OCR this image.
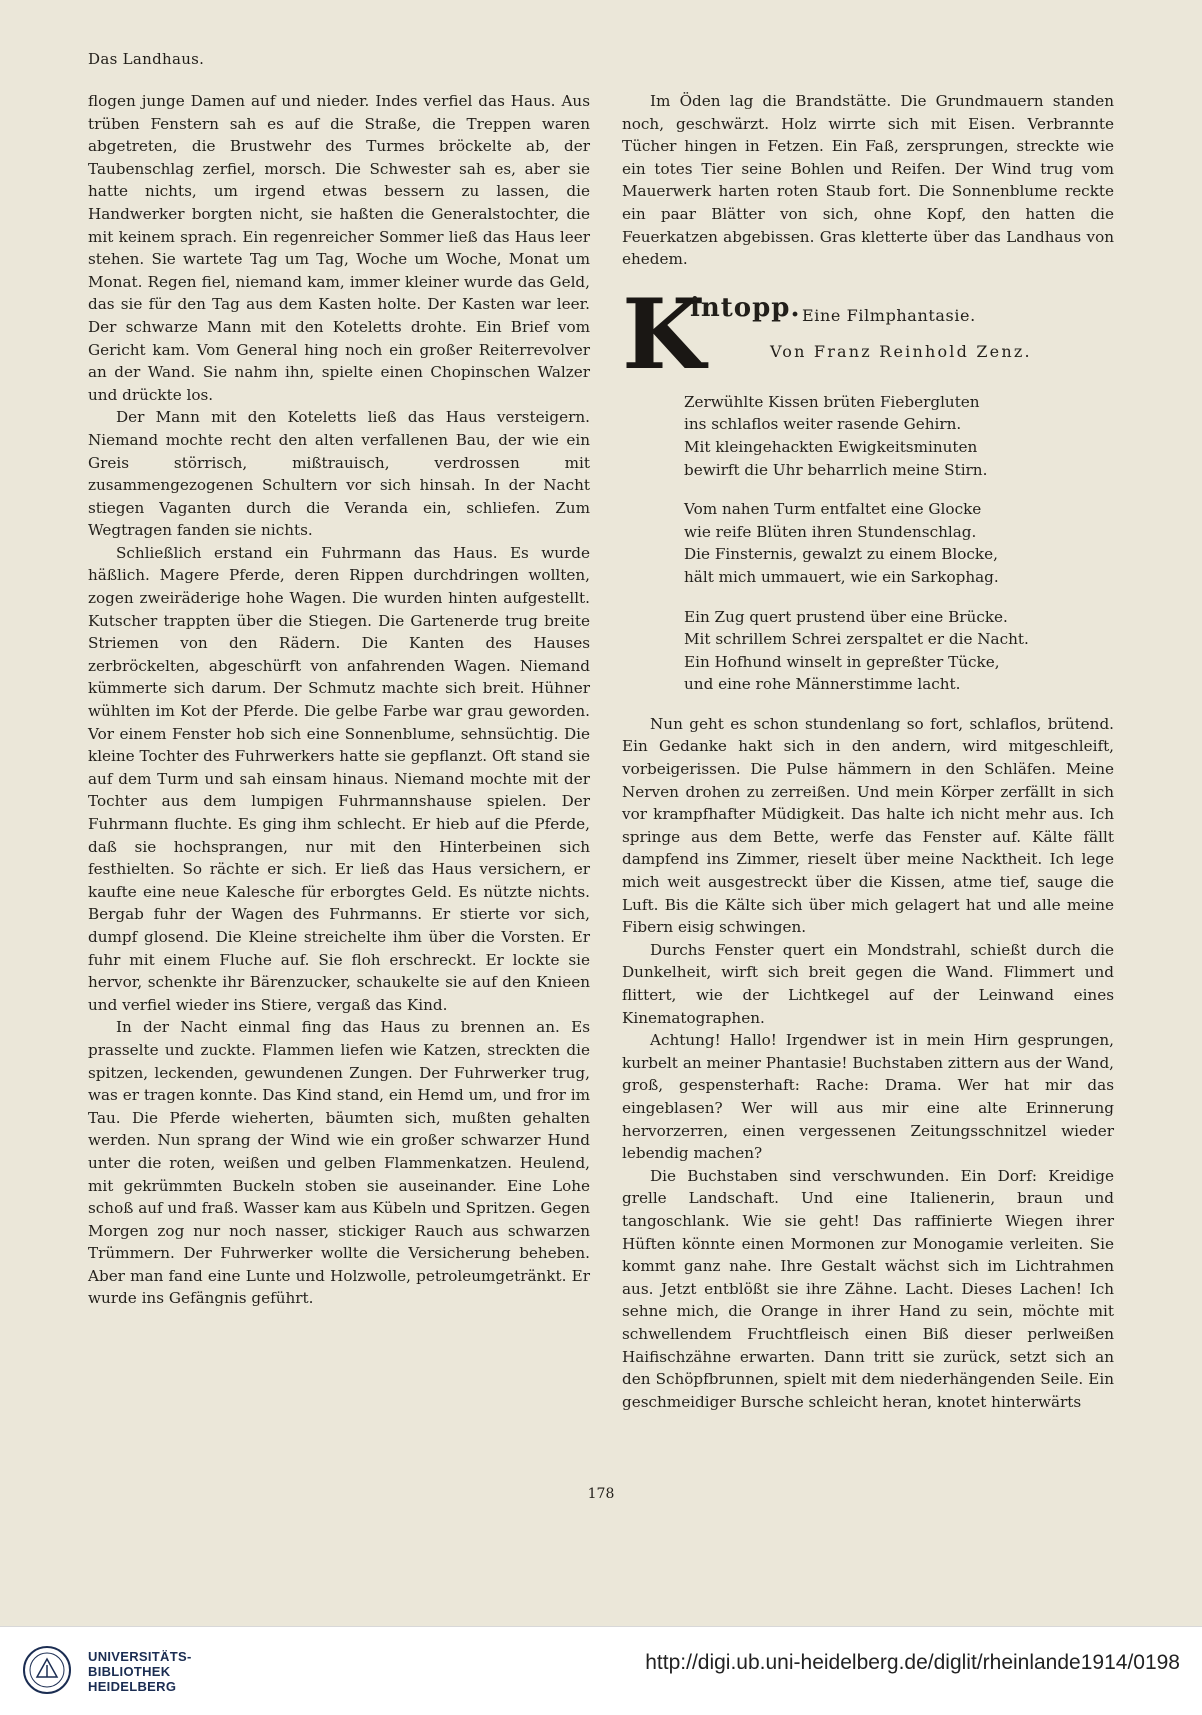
Das Landhaus.

flogen junge Damen auf und nieder. Indes verfiel das Haus. Aus trüben Fenstern sah es auf die Straße, die Treppen waren abgetreten, die Brustwehr des Turmes bröckelte ab, der Taubenschlag zerfiel, morsch. Die Schwester sah es, aber sie hatte nichts, um irgend etwas bessern zu lassen, die Handwerker borgten nicht, sie haßten die Generalstochter, die mit keinem sprach. Ein regenreicher Sommer ließ das Haus leer stehen. Sie wartete Tag um Tag, Woche um Woche, Monat um Monat. Regen fiel, niemand kam, immer kleiner wurde das Geld, das sie für den Tag aus dem Kasten holte. Der Kasten war leer. Der schwarze Mann mit den Koteletts drohte. Ein Brief vom Gericht kam. Vom General hing noch ein großer Reiterrevolver an der Wand. Sie nahm ihn, spielte einen Chopinschen Walzer und drückte los.

Der Mann mit den Koteletts ließ das Haus versteigern. Niemand mochte recht den alten verfallenen Bau, der wie ein Greis störrisch, mißtrauisch, verdrossen mit zusammengezogenen Schultern vor sich hinsah. In der Nacht stiegen Vaganten durch die Veranda ein, schliefen. Zum Wegtragen fanden sie nichts.

Schließlich erstand ein Fuhrmann das Haus. Es wurde häßlich. Magere Pferde, deren Rippen durchdringen wollten, zogen zweiräderige hohe Wagen. Die wurden hinten aufgestellt. Kutscher trappten über die Stiegen. Die Gartenerde trug breite Striemen von den Rädern. Die Kanten des Hauses zerbröckelten, abgeschürft von anfahrenden Wagen. Niemand kümmerte sich darum. Der Schmutz machte sich breit. Hühner wühlten im Kot der Pferde. Die gelbe Farbe war grau geworden. Vor einem Fenster hob sich eine Sonnenblume, sehnsüchtig. Die kleine Tochter des Fuhrwerkers hatte sie gepflanzt. Oft stand sie auf dem Turm und sah einsam hinaus. Niemand mochte mit der Tochter aus dem lumpigen Fuhrmannshause spielen. Der Fuhrmann fluchte. Es ging ihm schlecht. Er hieb auf die Pferde, daß sie hochsprangen, nur mit den Hinterbeinen sich festhielten. So rächte er sich. Er ließ das Haus versichern, er kaufte eine neue Kalesche für erborgtes Geld. Es nützte nichts. Bergab fuhr der Wagen des Fuhrmanns. Er stierte vor sich, dumpf glosend. Die Kleine streichelte ihm über die Vorsten. Er fuhr mit einem Fluche auf. Sie floh erschreckt. Er lockte sie hervor, schenkte ihr Bärenzucker, schaukelte sie auf den Knieen und verfiel wieder ins Stiere, vergaß das Kind.

In der Nacht einmal fing das Haus zu brennen an. Es prasselte und zuckte. Flammen liefen wie Katzen, streckten die spitzen, leckenden, gewundenen Zungen. Der Fuhrwerker trug, was er tragen konnte. Das Kind stand, ein Hemd um, und fror im Tau. Die Pferde wieherten, bäumten sich, mußten gehalten werden. Nun sprang der Wind wie ein großer schwarzer Hund unter die roten, weißen und gelben Flammenkatzen. Heulend, mit gekrümmten Buckeln stoben sie auseinander. Eine Lohe schoß auf und fraß. Wasser kam aus Kübeln und Spritzen. Gegen Morgen zog nur noch nasser, stickiger Rauch aus schwarzen Trümmern. Der Fuhrwerker wollte die Versicherung beheben. Aber man fand eine Lunte und Holzwolle, petroleumgetränkt. Er wurde ins Gefängnis geführt.

Im Öden lag die Brandstätte. Die Grundmauern standen noch, geschwärzt. Holz wirrte sich mit Eisen. Verbrannte Tücher hingen in Fetzen. Ein Faß, zersprungen, streckte wie ein totes Tier seine Bohlen und Reifen. Der Wind trug vom Mauerwerk harten roten Staub fort. Die Sonnenblume reckte ein paar Blätter von sich, ohne Kopf, den hatten die Feuerkatzen abgebissen. Gras kletterte über das Landhaus von ehedem.

K
intopp. Eine Filmphantasie.
Von Franz Reinhold Zenz.
Zerwühlte Kissen brüten Fiebergluten
ins schlaflos weiter rasende Gehirn.
Mit kleingehackten Ewigkeitsminuten
bewirft die Uhr beharrlich meine Stirn.
Vom nahen Turm entfaltet eine Glocke
wie reife Blüten ihren Stundenschlag.
Die Finsternis, gewalzt zu einem Blocke,
hält mich ummauert, wie ein Sarkophag.
Ein Zug quert prustend über eine Brücke.
Mit schrillem Schrei zerspaltet er die Nacht.
Ein Hofhund winselt in gepreßter Tücke,
und eine rohe Männerstimme lacht.

Nun geht es schon stundenlang so fort, schlaflos, brütend. Ein Gedanke hakt sich in den andern, wird mitgeschleift, vorbeigerissen. Die Pulse hämmern in den Schläfen. Meine Nerven drohen zu zerreißen. Und mein Körper zerfällt in sich vor krampfhafter Müdigkeit. Das halte ich nicht mehr aus. Ich springe aus dem Bette, werfe das Fenster auf. Kälte fällt dampfend ins Zimmer, rieselt über meine Nacktheit. Ich lege mich weit ausgestreckt über die Kissen, atme tief, sauge die Luft. Bis die Kälte sich über mich gelagert hat und alle meine Fibern eisig schwingen.

Durchs Fenster quert ein Mondstrahl, schießt durch die Dunkelheit, wirft sich breit gegen die Wand. Flimmert und flittert, wie der Lichtkegel auf der Leinwand eines Kinematographen.

Achtung! Hallo! Irgendwer ist in mein Hirn gesprungen, kurbelt an meiner Phantasie! Buchstaben zittern aus der Wand, groß, gespensterhaft: Rache: Drama. Wer hat mir das eingeblasen? Wer will aus mir eine alte Erinnerung hervorzerren, einen vergessenen Zeitungsschnitzel wieder lebendig machen?

Die Buchstaben sind verschwunden. Ein Dorf: Kreidige grelle Landschaft. Und eine Italienerin, braun und tangoschlank. Wie sie geht! Das raffinierte Wiegen ihrer Hüften könnte einen Mormonen zur Monogamie verleiten. Sie kommt ganz nahe. Ihre Gestalt wächst sich im Lichtrahmen aus. Jetzt entblößt sie ihre Zähne. Lacht. Dieses Lachen! Ich sehne mich, die Orange in ihrer Hand zu sein, möchte mit schwellendem Fruchtfleisch einen Biß dieser perlweißen Haifischzähne erwarten. Dann tritt sie zurück, setzt sich an den Schöpfbrunnen, spielt mit dem niederhängenden Seile. Ein geschmeidiger Bursche schleicht heran, knotet hinterwärts

178
UNIVERSITÄTS-
BIBLIOTHEK
HEIDELBERG
http://digi.ub.uni-heidelberg.de/diglit/rheinlande1914/0198
